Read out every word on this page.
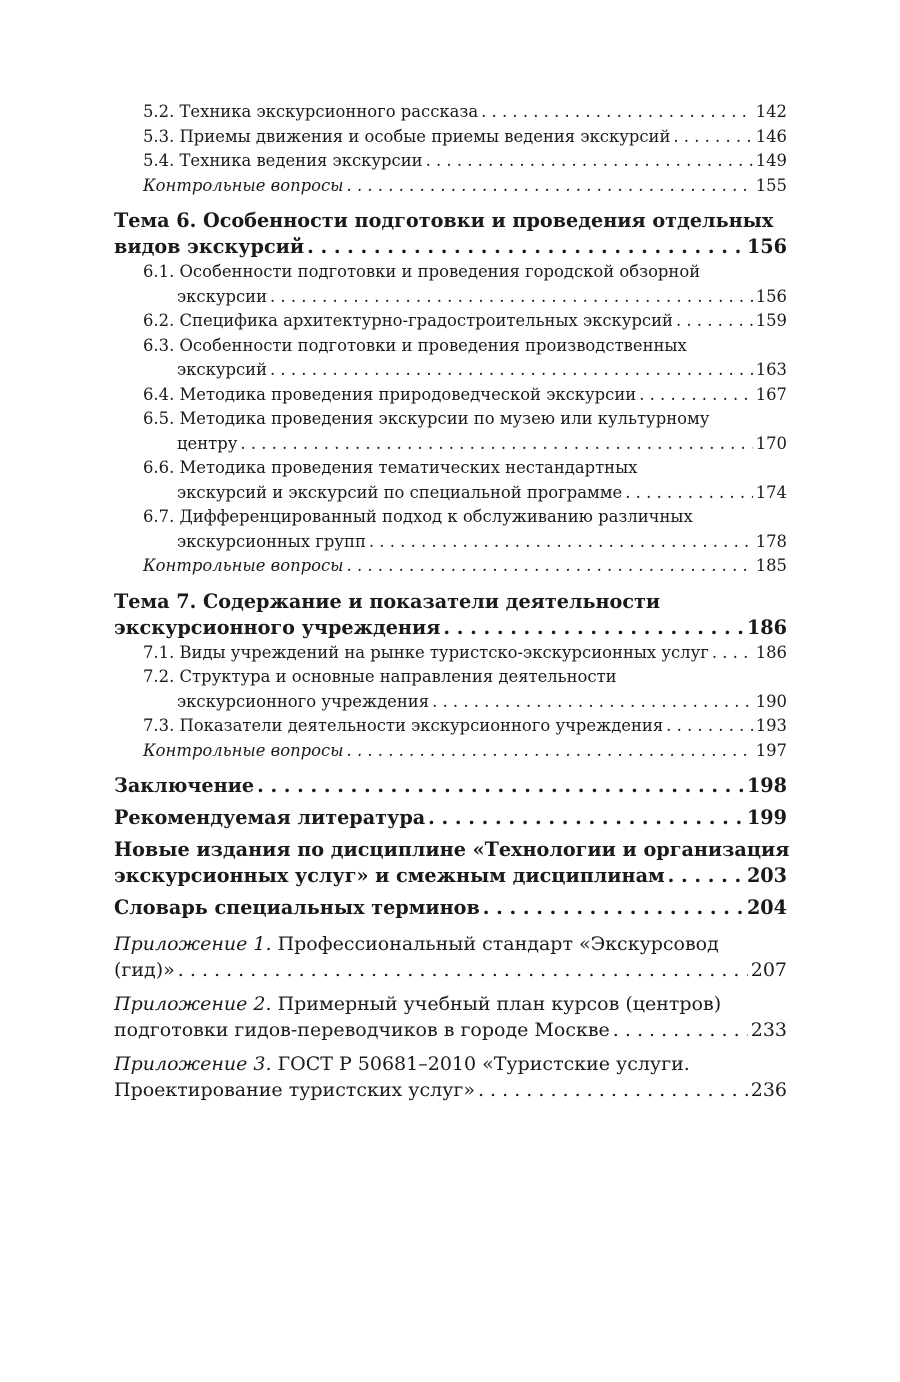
5.2. Техника экскурсионного рассказа . . .	142
5.3. Приемы движения и особые приемы ведения экскурсий . . .	146
5.4. Техника ведения экскурсии . . .	149
Контрольные вопросы . . .	155
Тема 6. Особенности подготовки и проведения отдельных
видов экскурсий . . .	156
6.1. Особенности подготовки и проведения городской обзорной
экскурсии . . .	156
6.2. Специфика архитектурно-градостроительных экскурсий . . .	159
6.3. Особенности подготовки и проведения производственных
экскурсий . . .	163
6.4. Методика проведения природоведческой экскурсии . . .	167
6.5. Методика проведения экскурсии по музею или культурному
центру . . .	170
6.6. Методика проведения тематических нестандартных
экскурсий и экскурсий по специальной программе . . .	174
6.7. Дифференцированный подход к обслуживанию различных
экскурсионных групп . . .	178
Контрольные вопросы . . .	185
Тема 7. Содержание и показатели деятельности
экскурсионного учреждения . . .	186
7.1. Виды учреждений на рынке туристско-экскурсионных услуг . . .	186
7.2. Структура и основные направления деятельности
экскурсионного учреждения . . .	190
7.3. Показатели деятельности экскурсионного учреждения . . .	193
Контрольные вопросы . . .	197
Заключение . . .	198
Рекомендуемая литература . . .	199
Новые издания по дисциплине «Технологии и организация
экскурсионных услуг» и смежным дисциплинам . . .	203
Словарь специальных терминов . . .	204
Приложение 1. Профессиональный стандарт «Экскурсовод
(гид)» . . .	207
Приложение 2. Примерный учебный план курсов (центров)
подготовки гидов-переводчиков в городе Москве . . .	233
Приложение 3. ГОСТ Р 50681–2010 «Туристские услуги.
Проектирование туристских услуг» . . .	236
